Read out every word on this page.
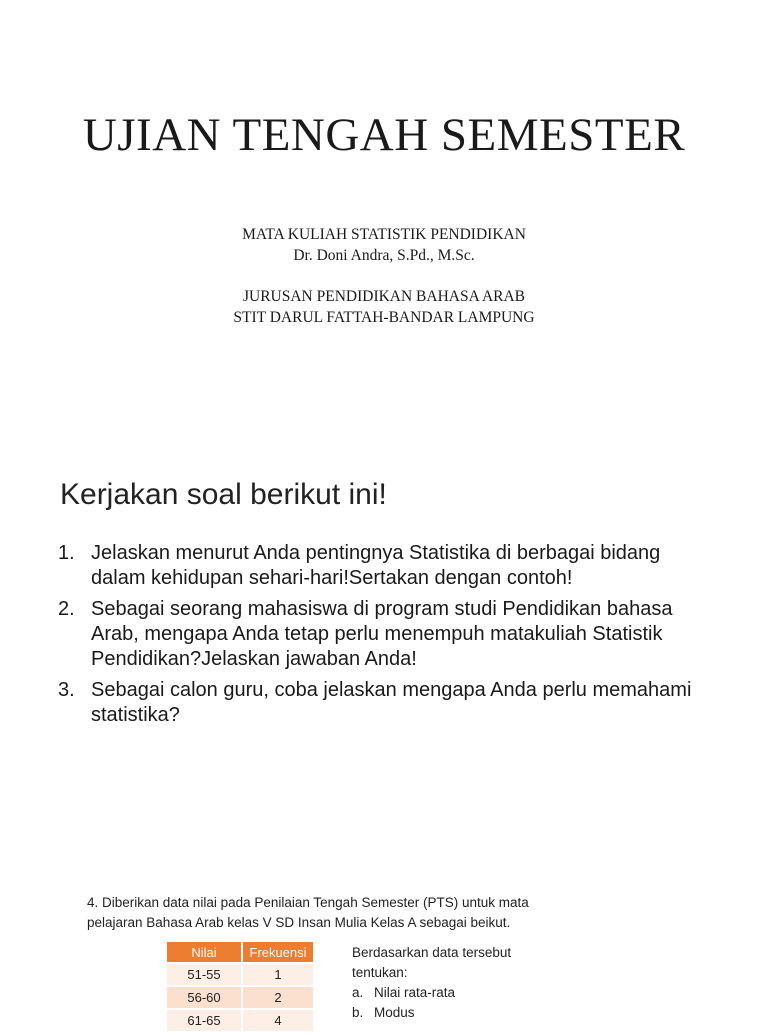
UJIAN TENGAH SEMESTER
MATA KULIAH STATISTIK PENDIDIKAN
Dr. Doni Andra, S.Pd., M.Sc.
JURUSAN PENDIDIKAN BAHASA ARAB
STIT DARUL FATTAH-BANDAR LAMPUNG
Kerjakan soal berikut ini!
1. Jelaskan menurut Anda pentingnya Statistika di berbagai bidang dalam kehidupan sehari-hari!Sertakan dengan contoh!
2. Sebagai seorang mahasiswa di program studi Pendidikan bahasa Arab, mengapa Anda tetap perlu menempuh matakuliah Statistik Pendidikan?Jelaskan jawaban Anda!
3. Sebagai calon guru, coba jelaskan mengapa Anda perlu memahami statistika?

4. Diberikan data nilai pada Penilaian Tengah Semester (PTS) untuk mata pelajaran Bahasa Arab kelas V SD Insan Mulia Kelas A sebagai beikut.

Nilai	Frekuensi
51-55	1
56-60	2
61-65	4
Berdasarkan data tersebut tentukan:
a. Nilai rata-rata
b. Modus
